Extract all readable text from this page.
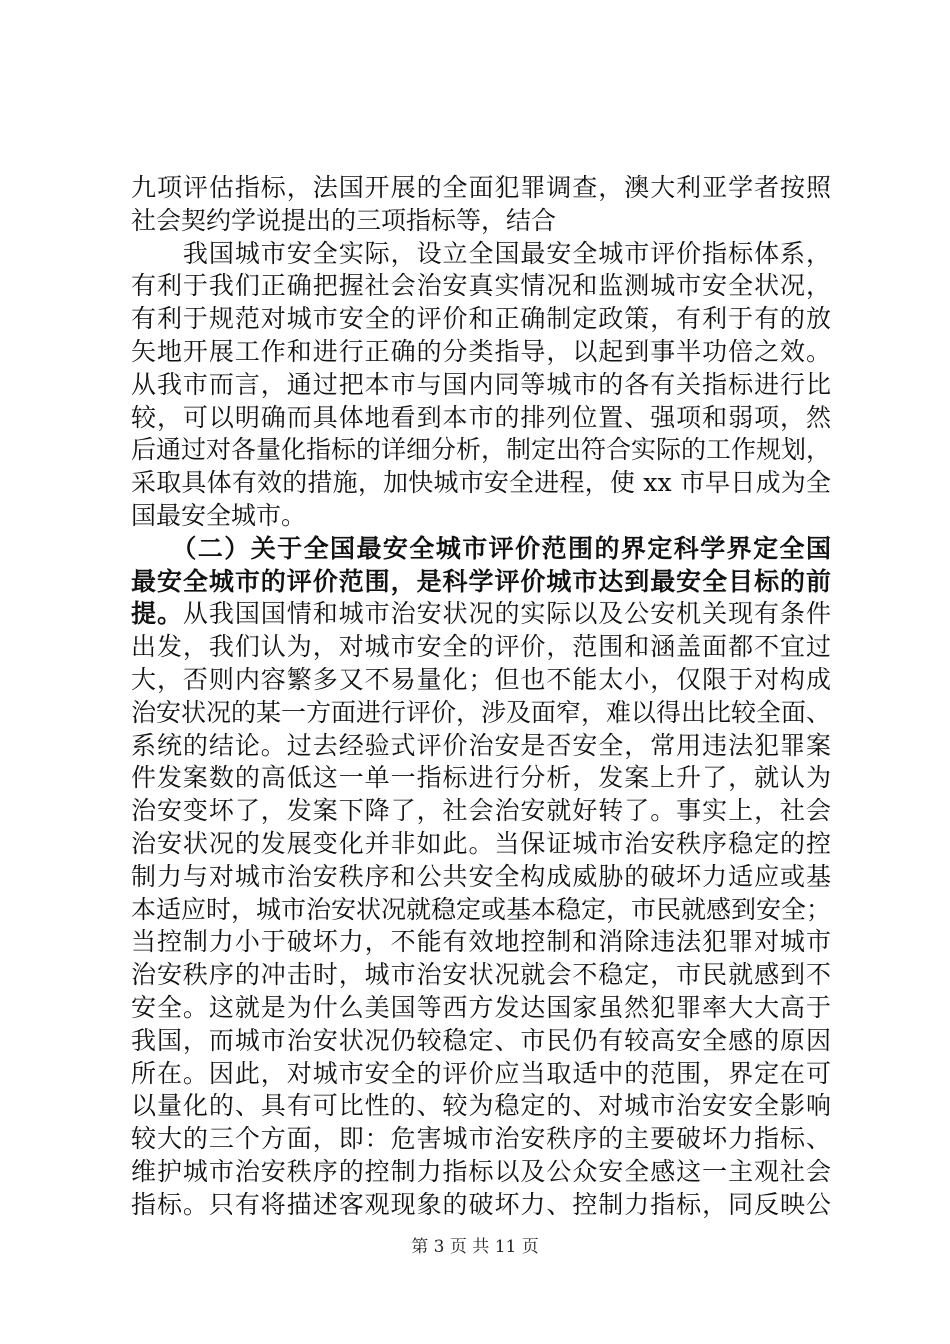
九项评估指标，法国开展的全面犯罪调查，澳大利亚学者按照
社会契约学说提出的三项指标等，结合
　　我国城市安全实际，设立全国最安全城市评价指标体系，
有利于我们正确把握社会治安真实情况和监测城市安全状况，
有利于规范对城市安全的评价和正确制定政策，有利于有的放
矢地开展工作和进行正确的分类指导，以起到事半功倍之效。
从我市而言，通过把本市与国内同等城市的各有关指标进行比
较，可以明确而具体地看到本市的排列位置、强项和弱项，然
后通过对各量化指标的详细分析，制定出符合实际的工作规划，
采取具体有效的措施，加快城市安全进程，使 xx 市早日成为全
国最安全城市。
　　（二）关于全国最安全城市评价范围的界定科学界定全国
最安全城市的评价范围，是科学评价城市达到最安全目标的前
提。从我国国情和城市治安状况的实际以及公安机关现有条件
出发，我们认为，对城市安全的评价，范围和涵盖面都不宜过
大，否则内容繁多又不易量化；但也不能太小，仅限于对构成
治安状况的某一方面进行评价，涉及面窄，难以得出比较全面、
系统的结论。过去经验式评价治安是否安全，常用违法犯罪案
件发案数的高低这一单一指标进行分析，发案上升了，就认为
治安变坏了，发案下降了，社会治安就好转了。事实上，社会
治安状况的发展变化并非如此。当保证城市治安秩序稳定的控
制力与对城市治安秩序和公共安全构成威胁的破坏力适应或基
本适应时，城市治安状况就稳定或基本稳定，市民就感到安全；
当控制力小于破坏力，不能有效地控制和消除违法犯罪对城市
治安秩序的冲击时，城市治安状况就会不稳定，市民就感到不
安全。这就是为什么美国等西方发达国家虽然犯罪率大大高于
我国，而城市治安状况仍较稳定、市民仍有较高安全感的原因
所在。因此，对城市安全的评价应当取适中的范围，界定在可
以量化的、具有可比性的、较为稳定的、对城市治安安全影响
较大的三个方面，即：危害城市治安秩序的主要破坏力指标、
维护城市治安秩序的控制力指标以及公众安全感这一主观社会
指标。只有将描述客观现象的破坏力、控制力指标，同反映公
第 3 页 共 11 页
